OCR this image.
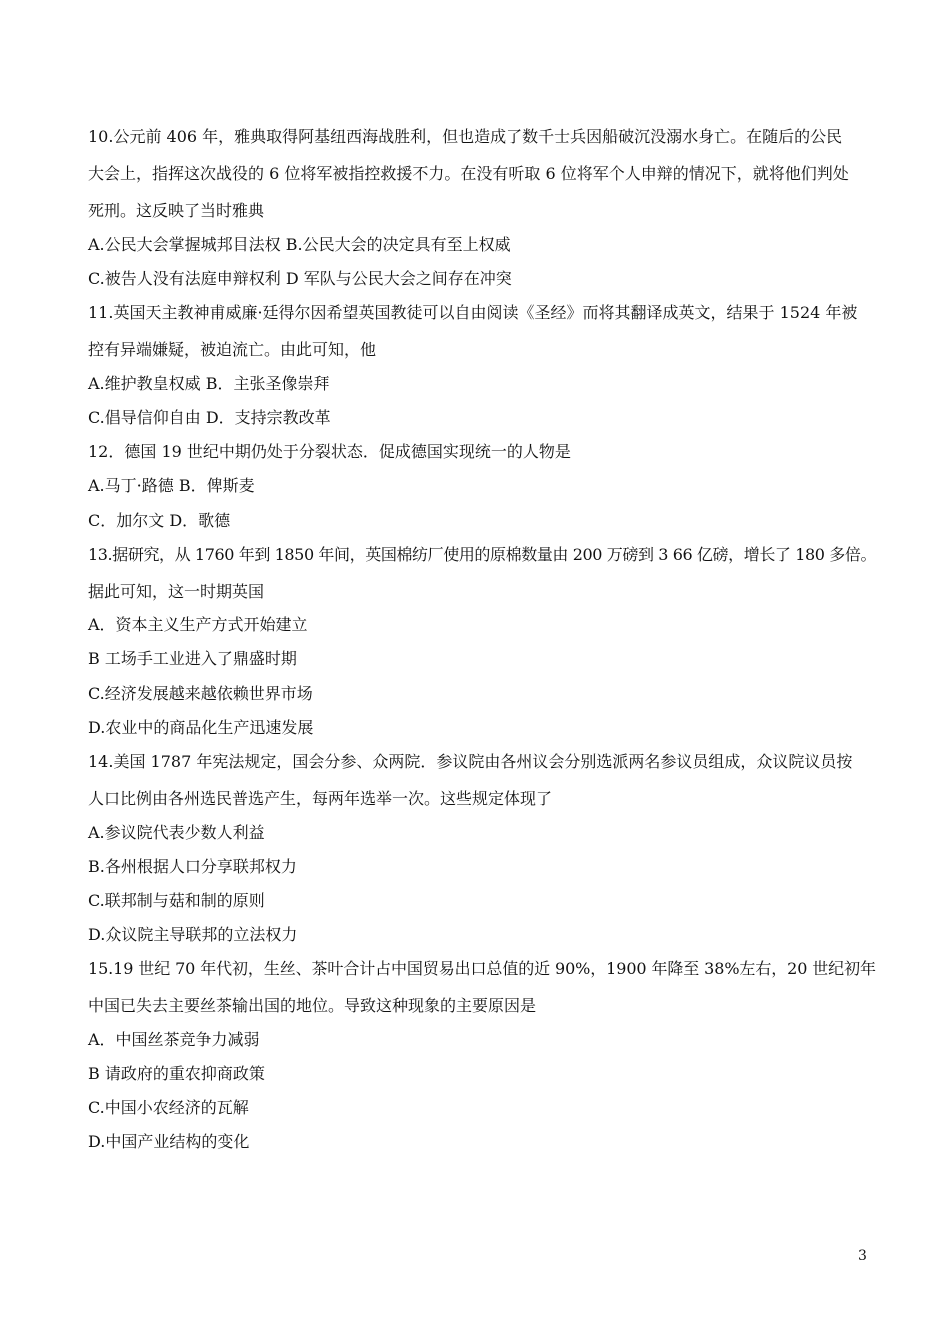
10.公元前 406 年，雅典取得阿基纽西海战胜利，但也造成了数千士兵因船破沉没溺水身亡。在随后的公民
大会上，指挥这次战役的 6 位将军被指控救援不力。在没有听取 6 位将军个人申辩的情况下，就将他们判处
死刑。这反映了当时雅典
A.公民大会掌握城邦目法权 B.公民大会的决定具有至上权威
C.被告人没有法庭申辩权利 D 军队与公民大会之间存在冲突
11.英国天主教神甫威廉·廷得尔因希望英国教徒可以自由阅读《圣经》而将其翻译成英文，结果于 1524 年被
控有异端嫌疑，被迫流亡。由此可知，他
A.维护教皇权威 B．主张圣像崇拜
C.倡导信仰自由 D．支持宗教改革
12．德国 19 世纪中期仍处于分裂状态．促成德国实现统一的人物是
A.马丁·路德 B．俾斯麦
C．加尔文 D．歌德
13.据研究，从 1760 年到 1850 年间，英国棉纺厂使用的原棉数量由 200 万磅到 3 66 亿磅，增长了 180 多倍。
据此可知，这一时期英国
A．资本主义生产方式开始建立
B 工场手工业进入了鼎盛时期
C.经济发展越来越依赖世界市场
D.农业中的商品化生产迅速发展
14.美国 1787 年宪法规定，国会分参、众两院．参议院由各州议会分别选派两名参议员组成，众议院议员按
人口比例由各州选民普选产生，每两年选举一次。这些规定体现了
A.参议院代表少数人利益
B.各州根据人口分享联邦权力
C.联邦制与菇和制的原则
D.众议院主导联邦的立法权力
15.19 世纪 70 年代初，生丝、茶叶合计占中国贸易出口总值的近 90%，1900 年降至 38%左右，20 世纪初年
中国已失去主要丝茶输出国的地位。导致这种现象的主要原因是
A．中国丝茶竞争力减弱
B 请政府的重农抑商政策
C.中国小农经济的瓦解
D.中国产业结构的变化
3
